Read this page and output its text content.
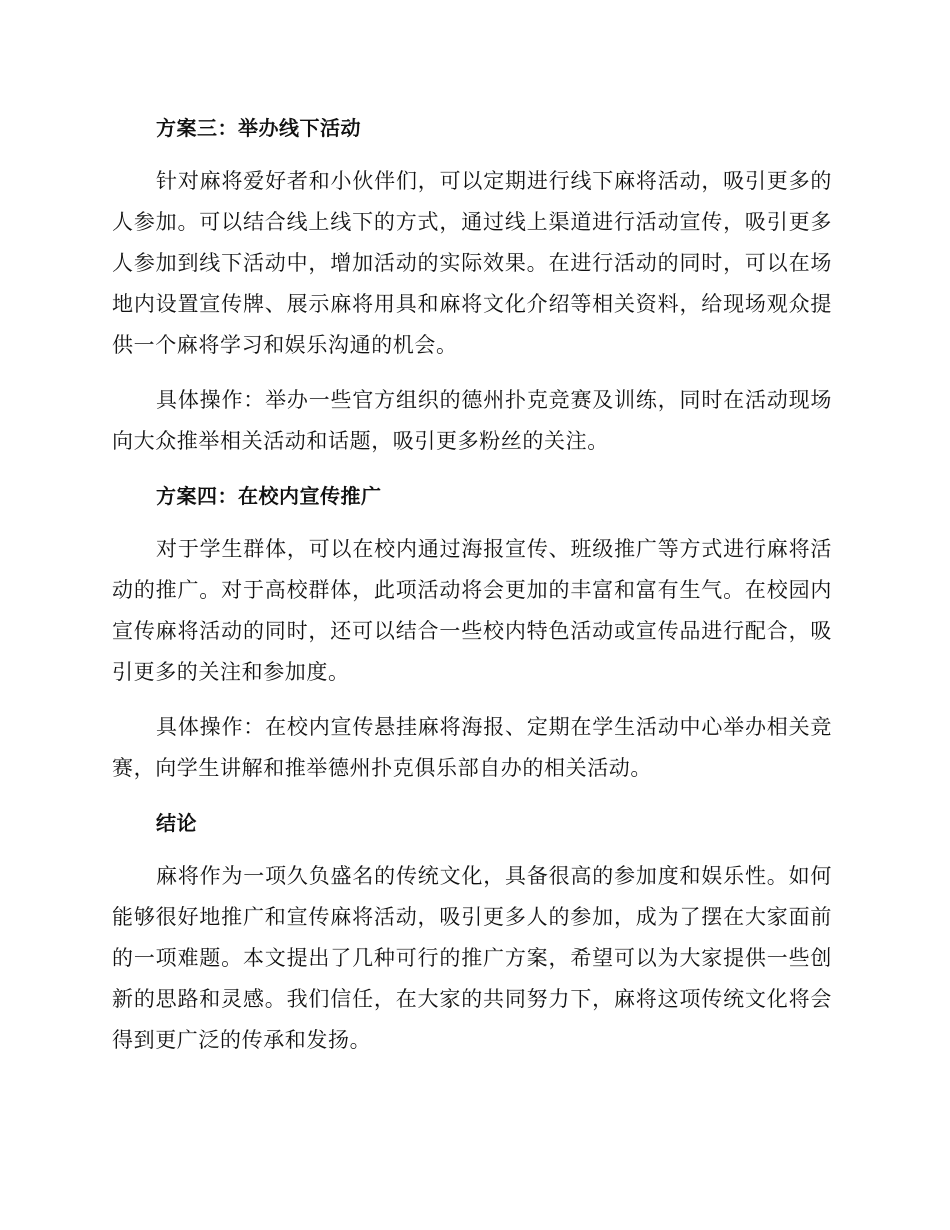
方案三：举办线下活动

针对麻将爱好者和小伙伴们，可以定期进行线下麻将活动，吸引更多的人参加。可以结合线上线下的方式，通过线上渠道进行活动宣传，吸引更多人参加到线下活动中，增加活动的实际效果。在进行活动的同时，可以在场地内设置宣传牌、展示麻将用具和麻将文化介绍等相关资料，给现场观众提供一个麻将学习和娱乐沟通的机会。

具体操作：举办一些官方组织的德州扑克竞赛及训练，同时在活动现场向大众推举相关活动和话题，吸引更多粉丝的关注。

方案四：在校内宣传推广

对于学生群体，可以在校内通过海报宣传、班级推广等方式进行麻将活动的推广。对于高校群体，此项活动将会更加的丰富和富有生气。在校园内宣传麻将活动的同时，还可以结合一些校内特色活动或宣传品进行配合，吸引更多的关注和参加度。

具体操作：在校内宣传悬挂麻将海报、定期在学生活动中心举办相关竞赛，向学生讲解和推举德州扑克俱乐部自办的相关活动。

结论

麻将作为一项久负盛名的传统文化，具备很高的参加度和娱乐性。如何能够很好地推广和宣传麻将活动，吸引更多人的参加，成为了摆在大家面前的一项难题。本文提出了几种可行的推广方案，希望可以为大家提供一些创新的思路和灵感。我们信任，在大家的共同努力下，麻将这项传统文化将会得到更广泛的传承和发扬。
